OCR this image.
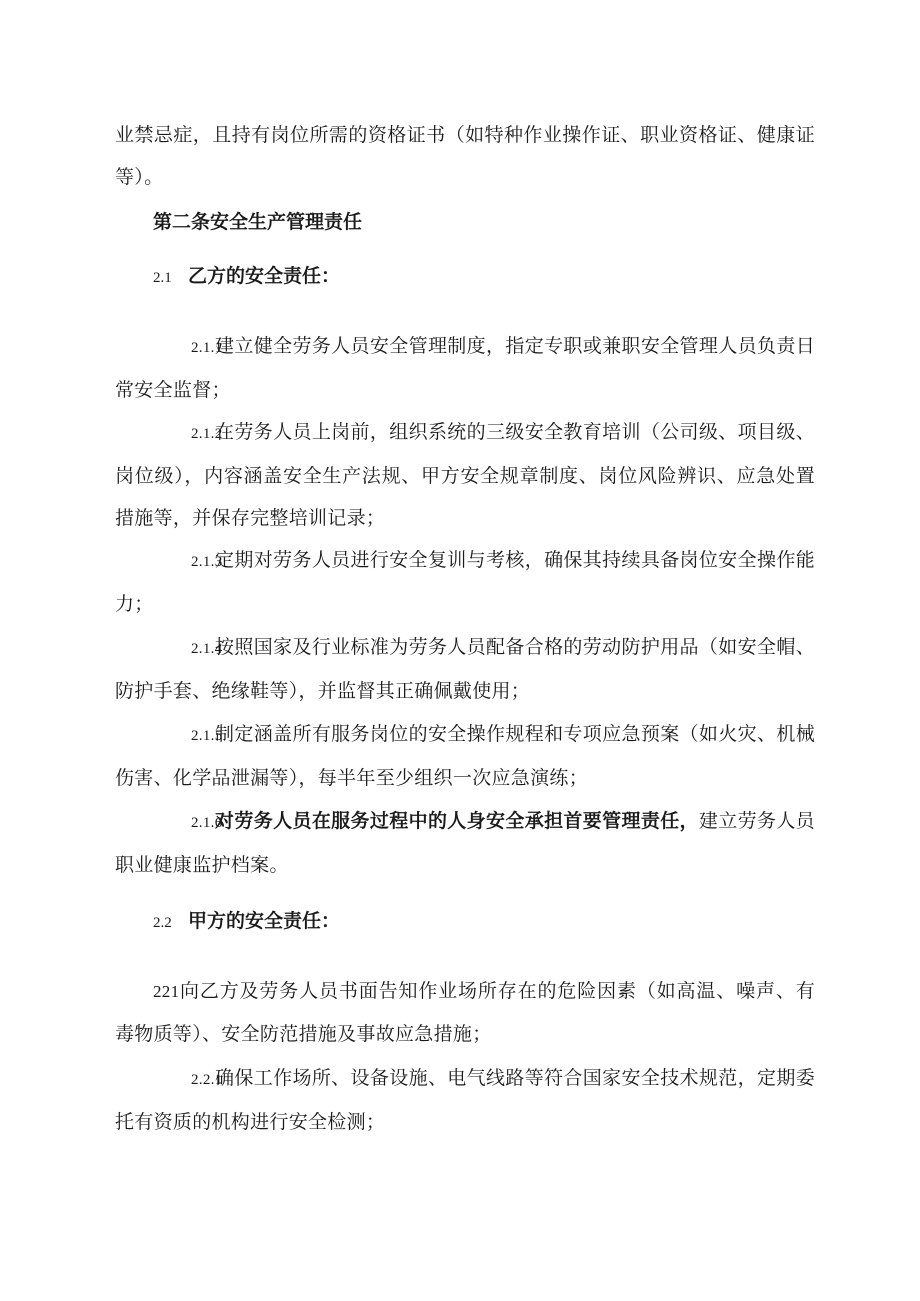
业禁忌症，且持有岗位所需的资格证书（如特种作业操作证、职业资格证、健康证等）。

第二条安全生产管理责任

2.1 乙方的安全责任：

2.1.1建立健全劳务人员安全管理制度，指定专职或兼职安全管理人员负责日常安全监督；

2.1.2在劳务人员上岗前，组织系统的三级安全教育培训（公司级、项目级、岗位级），内容涵盖安全生产法规、甲方安全规章制度、岗位风险辨识、应急处置措施等，并保存完整培训记录；

2.1.3定期对劳务人员进行安全复训与考核，确保其持续具备岗位安全操作能力；

2.1.4按照国家及行业标准为劳务人员配备合格的劳动防护用品（如安全帽、防护手套、绝缘鞋等），并监督其正确佩戴使用；

2.1.5制定涵盖所有服务岗位的安全操作规程和专项应急预案（如火灾、机械伤害、化学品泄漏等），每半年至少组织一次应急演练；

2.1.6对劳务人员在服务过程中的人身安全承担首要管理责任，建立劳务人员职业健康监护档案。

2.2 甲方的安全责任：

221向乙方及劳务人员书面告知作业场所存在的危险因素（如高温、噪声、有毒物质等）、安全防范措施及事故应急措施；

2.2.1确保工作场所、设备设施、电气线路等符合国家安全技术规范，定期委托有资质的机构进行安全检测；
